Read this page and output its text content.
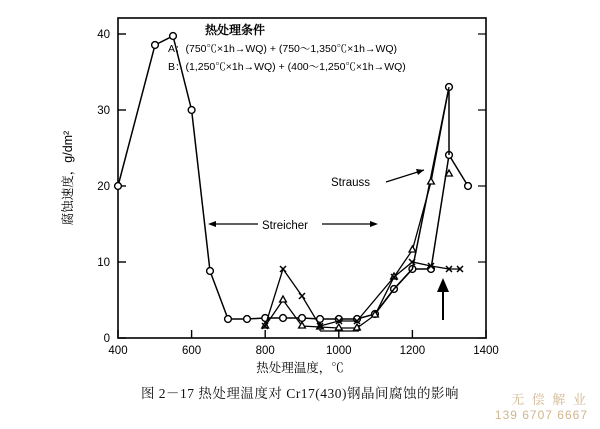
0
10
20
30
40
400	600	800	1000	1200	1400
热处理温度，℃
腐蚀速度，g/dm²
热处理条件
A：(750℃×1h→WQ) + (750～1,350℃×1h→WQ)
B：(1,250℃×1h→WQ) + (400～1,250℃×1h→WQ)
Strauss
Streicher
图 2－17 热处理温度对 Cr17(430)钢晶间腐蚀的影响	无 偿 解 业
139 6707 6667
